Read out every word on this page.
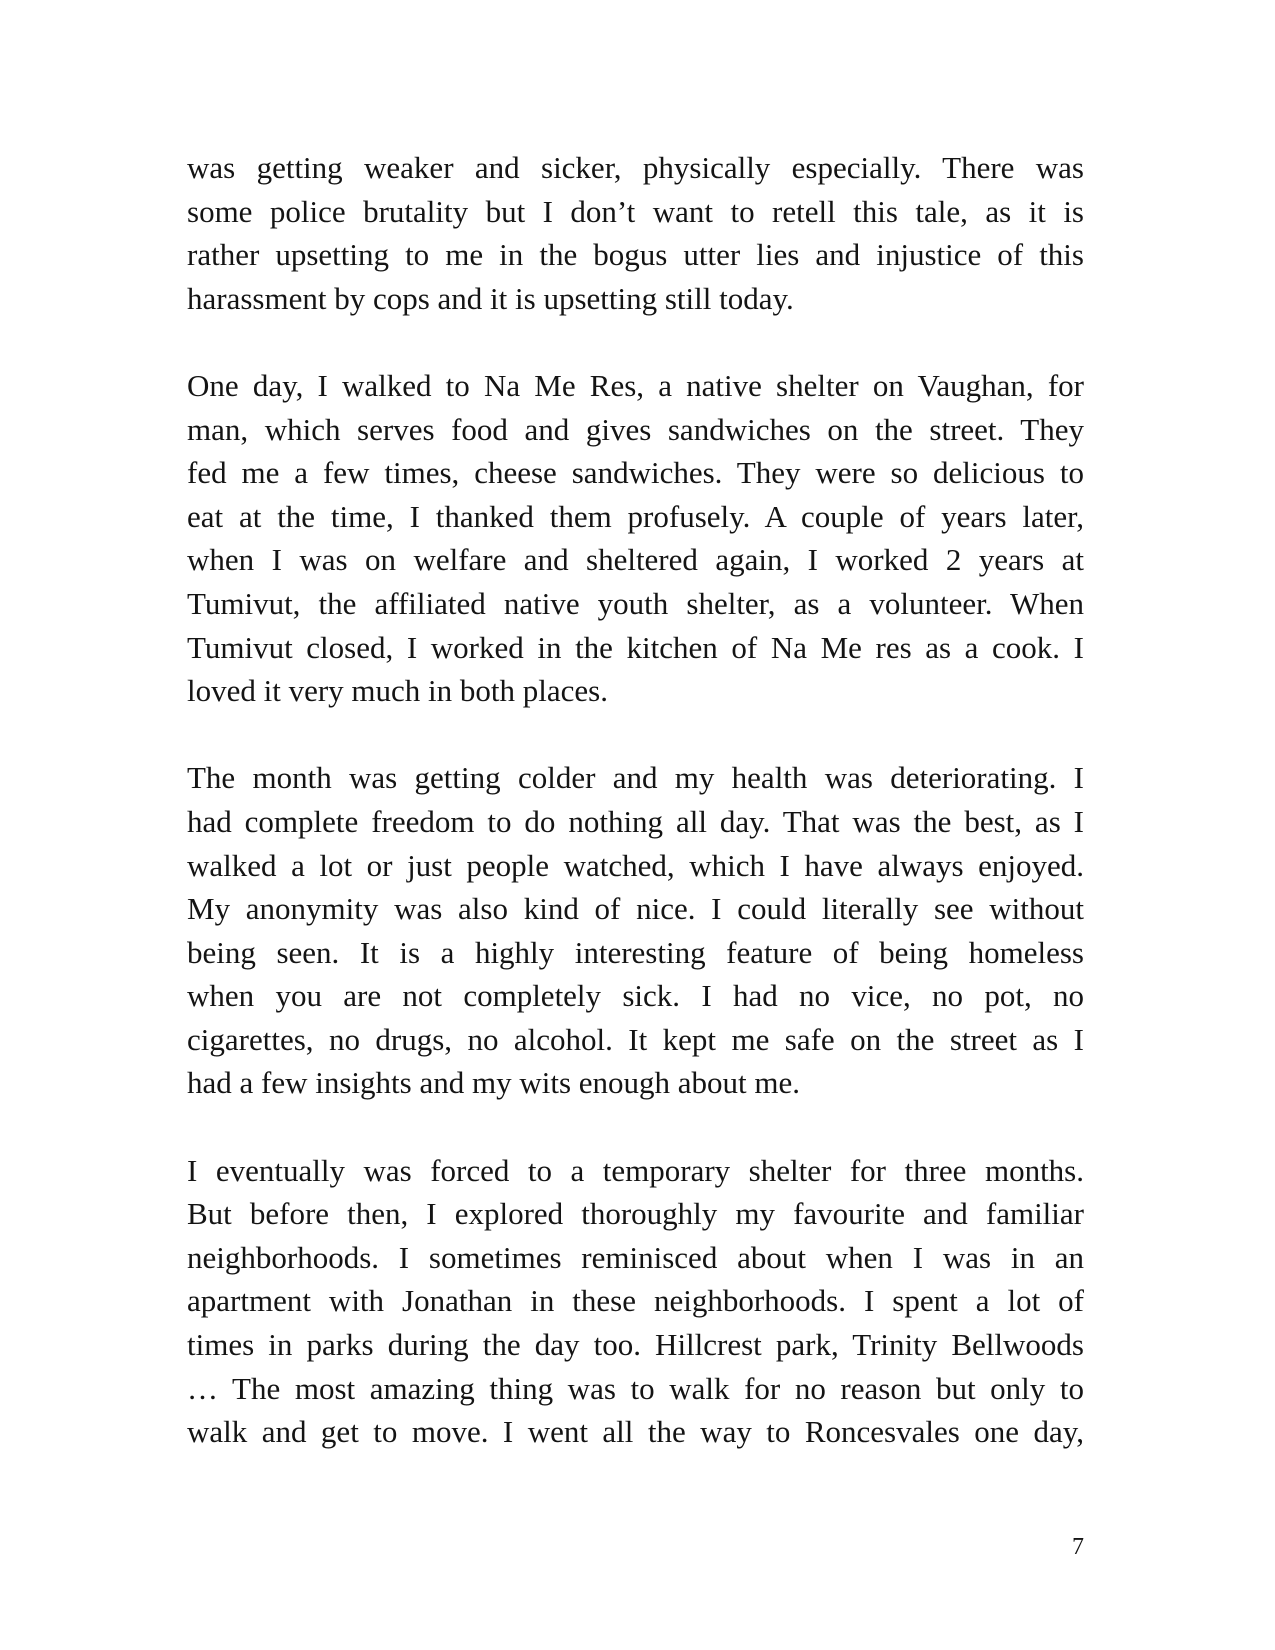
was getting weaker and sicker, physically especially. There was
some police brutality but I don’t want to retell this tale, as it is
rather upsetting to me in the bogus utter lies and injustice of this
harassment by cops and it is upsetting still today.
One day, I walked to Na Me Res, a native shelter on Vaughan, for
man, which serves food and gives sandwiches on the street. They
fed me a few times, cheese sandwiches. They were so delicious to
eat at the time, I thanked them profusely. A couple of years later,
when I was on welfare and sheltered again, I worked 2 years at
Tumivut, the affiliated native youth shelter, as a volunteer. When
Tumivut closed, I worked in the kitchen of Na Me res as a cook. I
loved it very much in both places.
The month was getting colder and my health was deteriorating. I
had complete freedom to do nothing all day. That was the best, as I
walked a lot or just people watched, which I have always enjoyed.
My anonymity was also kind of nice. I could literally see without
being seen. It is a highly interesting feature of being homeless
when you are not completely sick. I had no vice, no pot, no
cigarettes, no drugs, no alcohol. It kept me safe on the street as I
had a few insights and my wits enough about me.
I eventually was forced to a temporary shelter for three months.
But before then, I explored thoroughly my favourite and familiar
neighborhoods. I sometimes reminisced about when I was in an
apartment with Jonathan in these neighborhoods. I spent a lot of
times in parks during the day too. Hillcrest park, Trinity Bellwoods
… The most amazing thing was to walk for no reason but only to
walk and get to move. I went all the way to Roncesvales one day,
7
